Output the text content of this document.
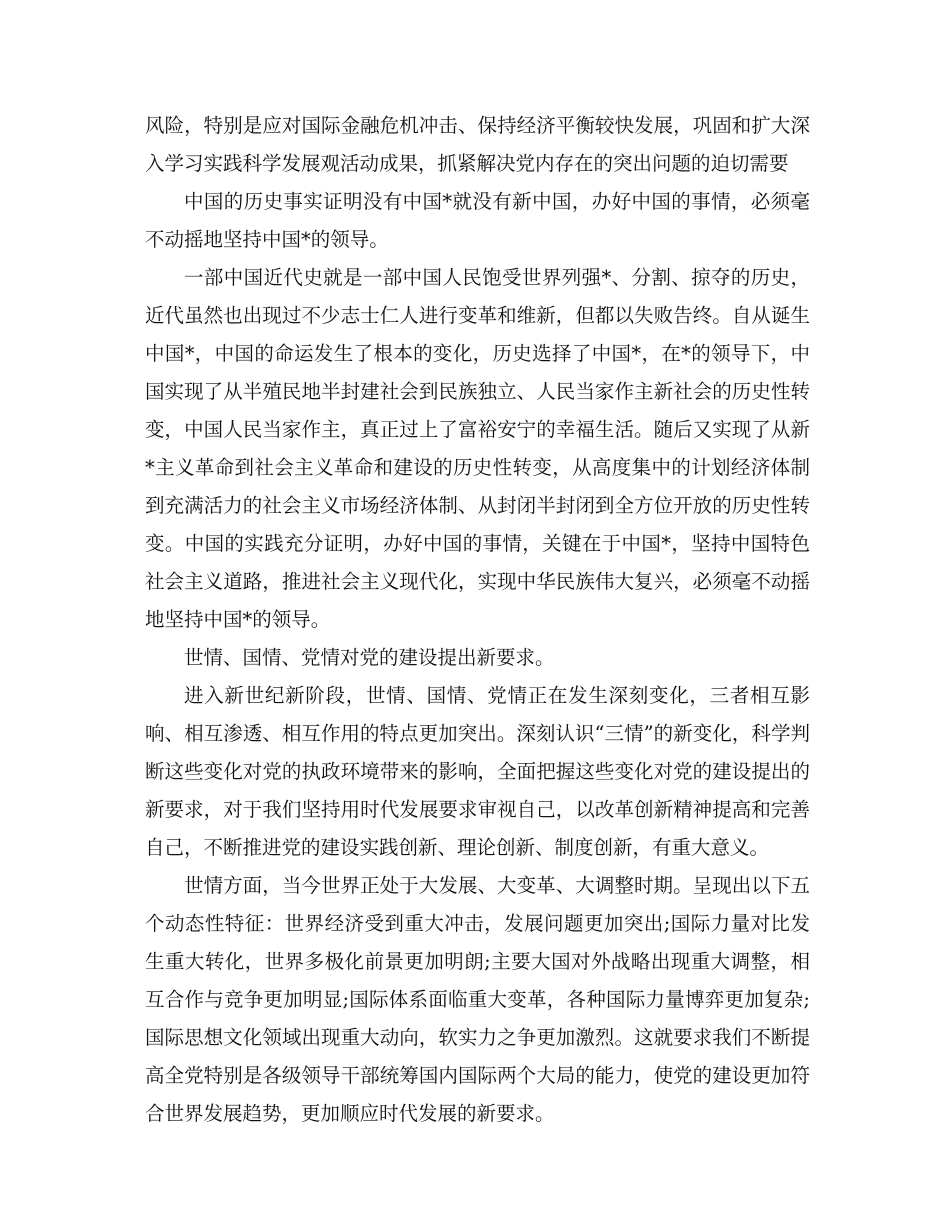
风险，特别是应对国际金融危机冲击、保持经济平衡较快发展，巩固和扩大深入学习实践科学发展观活动成果，抓紧解决党内存在的突出问题的迫切需要

中国的历史事实证明没有中国*就没有新中国，办好中国的事情，必须毫不动摇地坚持中国*的领导。

一部中国近代史就是一部中国人民饱受世界列强*、分割、掠夺的历史，近代虽然也出现过不少志士仁人进行变革和维新，但都以失败告终。自从诞生中国*，中国的命运发生了根本的变化，历史选择了中国*，在*的领导下，中国实现了从半殖民地半封建社会到民族独立、人民当家作主新社会的历史性转变，中国人民当家作主，真正过上了富裕安宁的幸福生活。随后又实现了从新*主义革命到社会主义革命和建设的历史性转变，从高度集中的计划经济体制到充满活力的社会主义市场经济体制、从封闭半封闭到全方位开放的历史性转变。中国的实践充分证明，办好中国的事情，关键在于中国*，坚持中国特色社会主义道路，推进社会主义现代化，实现中华民族伟大复兴，必须毫不动摇地坚持中国*的领导。

世情、国情、党情对党的建设提出新要求。

进入新世纪新阶段，世情、国情、党情正在发生深刻变化，三者相互影响、相互渗透、相互作用的特点更加突出。深刻认识“三情”的新变化，科学判断这些变化对党的执政环境带来的影响，全面把握这些变化对党的建设提出的新要求，对于我们坚持用时代发展要求审视自己，以改革创新精神提高和完善自己，不断推进党的建设实践创新、理论创新、制度创新，有重大意义。

世情方面，当今世界正处于大发展、大变革、大调整时期。呈现出以下五个动态性特征：世界经济受到重大冲击，发展问题更加突出;国际力量对比发生重大转化，世界多极化前景更加明朗;主要大国对外战略出现重大调整，相互合作与竞争更加明显;国际体系面临重大变革，各种国际力量博弈更加复杂;国际思想文化领域出现重大动向，软实力之争更加激烈。这就要求我们不断提高全党特别是各级领导干部统筹国内国际两个大局的能力，使党的建设更加符合世界发展趋势，更加顺应时代发展的新要求。
